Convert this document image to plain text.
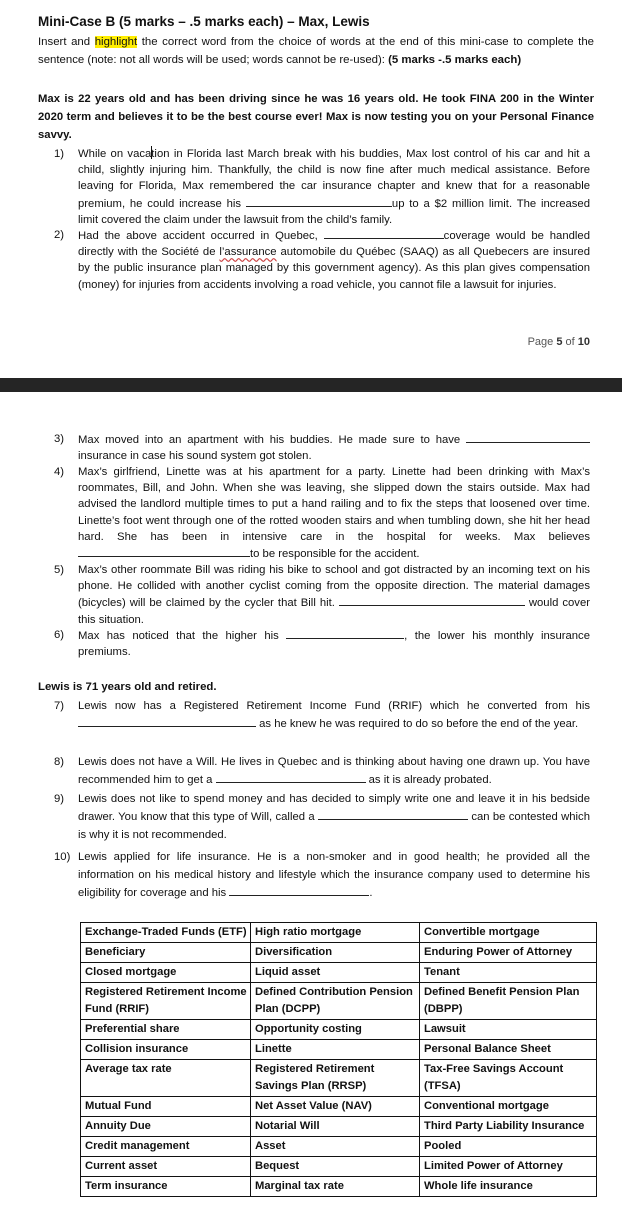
Mini-Case B (5 marks – .5 marks each) – Max, Lewis
Insert and highlight the correct word from the choice of words at the end of this mini-case to complete the sentence (note: not all words will be used; words cannot be re-used): (5 marks -.5 marks each)
Max is 22 years old and has been driving since he was 16 years old. He took FINA 200 in the Winter 2020 term and believes it to be the best course ever! Max is now testing you on your Personal Finance savvy.
1)	While on vacation in Florida last March break with his buddies, Max lost control of his car and hit a child, slightly injuring him. Thankfully, the child is now fine after much medical assistance. Before leaving for Florida, Max remembered the car insurance chapter and knew that for a reasonable premium, he could increase his	up to a $2 million limit. The increased limit covered the claim under the lawsuit from the child’s family.
2)	Had the above accident occurred in Quebec,	coverage would be handled directly with the Société de l’assurance automobile du Québec (SAAQ) as all Quebecers are insured by the public insurance plan managed by this government agency). As this plan gives compensation (money) for injuries from accidents involving a road vehicle, you cannot file a lawsuit for injuries.
Page 5 of 10
3)	Max moved into an apartment with his buddies. He made sure to have  insurance in case his sound system got stolen.
4)	Max’s girlfriend, Linette was at his apartment for a party. Linette had been drinking with Max’s roommates, Bill, and John. When she was leaving, she slipped down the stairs outside. Max had advised the landlord multiple times to put a hand railing and to fix the steps that loosened over time. Linette’s foot went through one of the rotted wooden stairs and when tumbling down, she hit her head hard. She has been in intensive care in the hospital for weeks. Max believes to be responsible for the accident.
5)	Max’s other roommate Bill was riding his bike to school and got distracted by an incoming text on his phone. He collided with another cyclist coming from the opposite direction. The material damages (bicycles) will be claimed by the cycler that Bill hit.	would cover this situation.
6)	Max has noticed that the higher his	, the lower his monthly insurance premiums.
Lewis is 71 years old and retired.
7)	Lewis now has a Registered Retirement Income Fund (RRIF) which he converted from his  as he knew he was required to do so before the end of the year.
8)	Lewis does not have a Will. He lives in Quebec and is thinking about having one drawn up. You have recommended him to get a	as it is already probated.
9)	Lewis does not like to spend money and has decided to simply write one and leave it in his bedside drawer. You know that this type of Will, called a	can be contested which is why it is not recommended.
10) Lewis applied for life insurance. He is a non-smoker and in good health; he provided all the information on his medical history and lifestyle which the insurance company used to determine his eligibility for coverage and his	.
Exchange-Traded Funds (ETF)	High ratio mortgage	Convertible mortgage
Beneficiary	Diversification	Enduring Power of Attorney
Closed mortgage	Liquid asset	Tenant
Registered Retirement Income Fund (RRIF)	Defined Contribution Pension Plan (DCPP)	Defined Benefit Pension Plan (DBPP)
Preferential share	Opportunity costing	Lawsuit
Collision insurance	Linette	Personal Balance Sheet
Average tax rate	Registered Retirement Savings Plan (RRSP)	Tax-Free Savings Account (TFSA)
Mutual Fund	Net Asset Value (NAV)	Conventional mortgage
Annuity Due	Notarial Will	Third Party Liability Insurance
Credit management	Asset	Pooled
Current asset	Bequest	Limited Power of Attorney
Term insurance	Marginal tax rate	Whole life insurance
